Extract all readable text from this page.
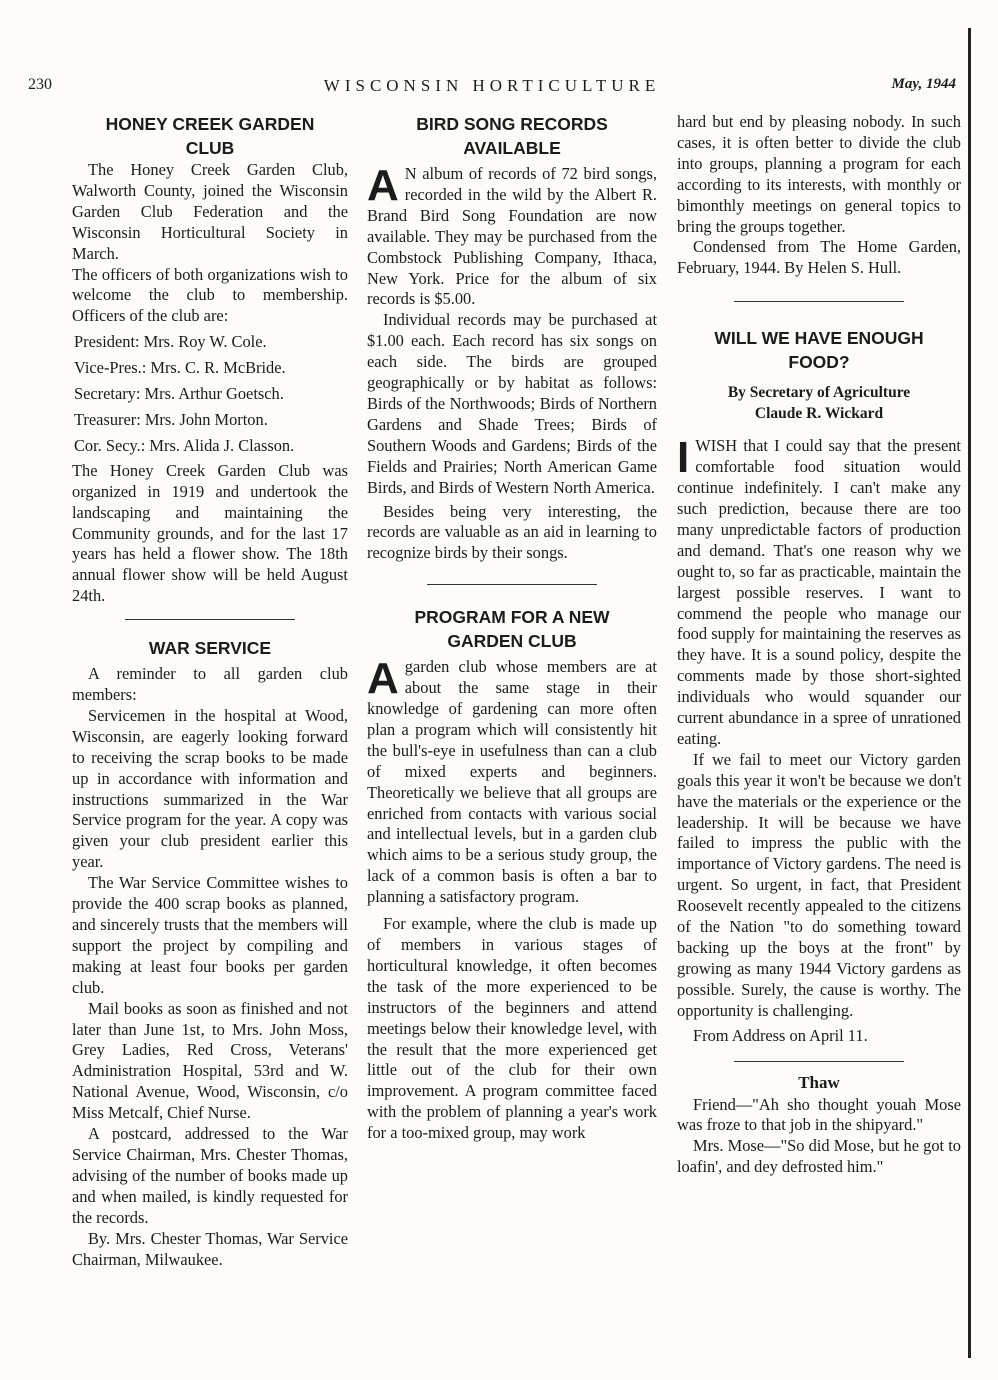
230	WISCONSIN HORTICULTURE	May, 1944

HONEY CREEK GARDEN

CLUB

The Honey Creek Garden Club, Walworth County, joined the Wisconsin Garden Club Federation and the Wisconsin Horticultural Society in March.

The officers of both organizations wish to welcome the club to membership. Officers of the club are:

President: Mrs. Roy W. Cole.

Vice-Pres.: Mrs. C. R. McBride.

Secretary: Mrs. Arthur Goetsch.

Treasurer: Mrs. John Morton.

Cor. Secy.: Mrs. Alida J. Classon.

The Honey Creek Garden Club was organized in 1919 and undertook the landscaping and maintaining the Community grounds, and for the last 17 years has held a flower show. The 18th annual flower show will be held August 24th.

WAR SERVICE

A reminder to all garden club members:

Servicemen in the hospital at Wood, Wisconsin, are eagerly looking forward to receiving the scrap books to be made up in accordance with information and instructions summarized in the War Service program for the year. A copy was given your club president earlier this year.

The War Service Committee wishes to provide the 400 scrap books as planned, and sincerely trusts that the members will support the project by compiling and making at least four books per garden club.

Mail books as soon as finished and not later than June 1st, to Mrs. John Moss, Grey Ladies, Red Cross, Veterans' Administration Hospital, 53rd and W. National Avenue, Wood, Wisconsin, c/o Miss Metcalf, Chief Nurse.

A postcard, addressed to the War Service Chairman, Mrs. Chester Thomas, advising of the number of books made up and when mailed, is kindly requested for the records.

By. Mrs. Chester Thomas, War Service Chairman, Milwaukee.

BIRD SONG RECORDS

AVAILABLE

A N album of records of 72 bird songs, recorded in the wild by the Albert R. Brand Bird Song Foundation are now available. They may be purchased from the Combstock Publishing Company, Ithaca, New York. Price for the album of six records is $5.00.

Individual records may be purchased at $1.00 each. Each record has six songs on each side. The birds are grouped geographically or by habitat as follows: Birds of the Northwoods; Birds of Northern Gardens and Shade Trees; Birds of Southern Woods and Gardens; Birds of the Fields and Prairies; North American Game Birds, and Birds of Western North America.

Besides being very interesting, the records are valuable as an aid in learning to recognize birds by their songs.

PROGRAM FOR A NEW

GARDEN CLUB

Agarden club whose members are at about the same stage in their knowledge of gardening can more often plan a program which will consistently hit the bull's-eye in usefulness than can a club of mixed experts and beginners. Theoretically we believe that all groups are enriched from contacts with various social and intellectual levels, but in a garden club which aims to be a serious study group, the lack of a common basis is often a bar to planning a satisfactory program.

For example, where the club is made up of members in various stages of horticultural knowledge, it often becomes the task of the more experienced to be instructors of the beginners and attend meetings below their knowledge level, with the result that the more experienced get little out of the club for their own improvement. A program committee faced with the problem of planning a year's work for a too-mixed group, may work

hard but end by pleasing nobody. In such cases, it is often better to divide the club into groups, planning a program for each according to its interests, with monthly or bimonthly meetings on general topics to bring the groups together.

Condensed from The Home Garden, February, 1944. By Helen S. Hull.

WILL WE HAVE ENOUGH

FOOD?

By Secretary of Agriculture

Claude R. Wickard

IWISH that I could say that the present comfortable food situation would continue indefinitely. I can't make any such prediction, because there are too many unpredictable factors of production and demand. That's one reason why we ought to, so far as practicable, maintain the largest possible reserves. I want to commend the people who manage our food supply for maintaining the reserves as they have. It is a sound policy, despite the comments made by those short-sighted individuals who would squander our current abundance in a spree of unrationed eating.

If we fail to meet our Victory garden goals this year it won't be because we don't have the materials or the experience or the leadership. It will be because we have failed to impress the public with the importance of Victory gardens. The need is urgent. So urgent, in fact, that President Roosevelt recently appealed to the citizens of the Nation "to do something toward backing up the boys at the front" by growing as many 1944 Victory gardens as possible. Surely, the cause is worthy. The opportunity is challenging.

From Address on April 11.

Thaw

Friend—"Ah sho thought youah Mose was froze to that job in the shipyard."

Mrs. Mose—"So did Mose, but he got to loafin', and dey defrosted him."
